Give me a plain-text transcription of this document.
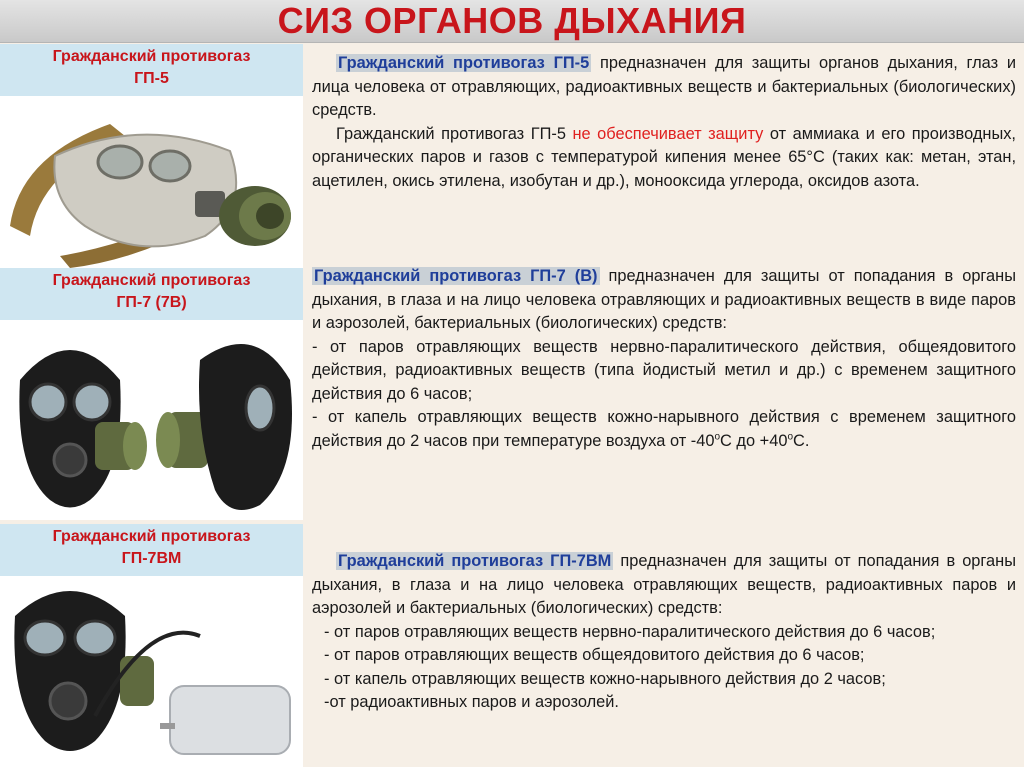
СИЗ ОРГАНОВ ДЫХАНИЯ
Гражданский противогаз
ГП-5

Гражданский противогаз ГП-5 предназначен для защиты органов дыхания, глаз и лица человека от отравляющих, радиоактивных веществ и бактериальных (биологических) средств.

Гражданский противогаз ГП-5 не обеспечивает защиту от аммиака и его производных, органических паров и газов с температурой кипения менее 65°С (таких как: метан, этан, ацетилен, окись этилена, изобутан и др.), монооксида углерода, оксидов азота.

Гражданский противогаз
ГП-7 (7В)

Гражданский противогаз ГП-7 (В) предназначен для защиты от попадания в органы дыхания, в глаза и на лицо человека отравляющих и радиоактивных веществ в виде паров и аэрозолей, бактериальных (биологических) средств:

- от паров отравляющих веществ нервно-паралитического действия, общеядовитого действия, радиоактивных веществ (типа йодистый метил и др.) с временем защитного действия до 6 часов;

- от капель отравляющих веществ кожно-нарывного действия с временем защитного действия до 2 часов при температуре воздуха от $-40^оС$ до $+40^оС$.

Гражданский противогаз
ГП-7ВМ	Гражданский противогаз ГП-7ВМ предназначен для защиты от попадания в органы дыхания, в глаза и на лицо человека отравляющих веществ, радиоактивных паров и аэрозолей и бактериальных (биологических) средств:

- от паров отравляющих веществ нервно-паралитического действия до 6 часов;

- от паров отравляющих веществ общеядовитого действия до 6 часов;

- от капель отравляющих веществ кожно-нарывного действия до 2 часов;

-от радиоактивных паров и аэрозолей.
